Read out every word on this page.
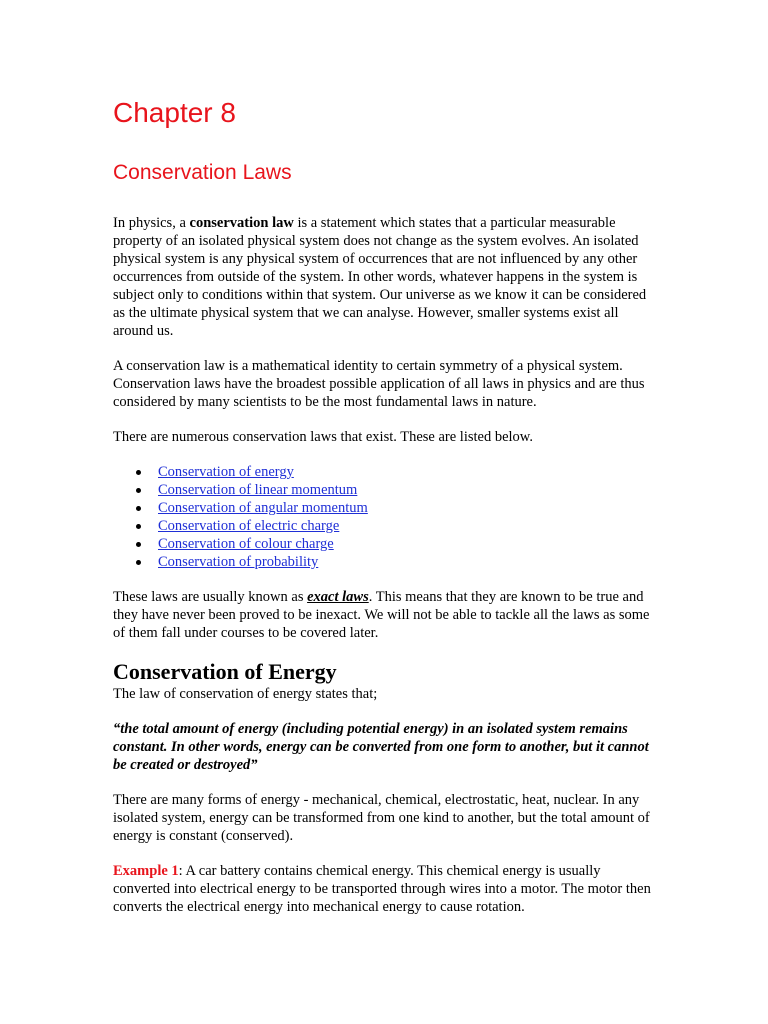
Chapter 8
Conservation Laws

In physics, a conservation law is a statement which states that a particular measurable property of an isolated physical system does not change as the system evolves. An isolated physical system is any physical system of occurrences that are not influenced by any other occurrences from outside of the system. In other words, whatever happens in the system is subject only to conditions within that system. Our universe as we know it can be considered as the ultimate physical system that we can analyse. However, smaller systems exist all around us.

A conservation law is a mathematical identity to certain symmetry of a physical system. Conservation laws have the broadest possible application of all laws in physics and are thus considered by many scientists to be the most fundamental laws in nature.

There are numerous conservation laws that exist. These are listed below.

Conservation of energy
Conservation of linear momentum
Conservation of angular momentum
Conservation of electric charge
Conservation of colour charge
Conservation of probability

These laws are usually known as exact laws. This means that they are known to be true and they have never been proved to be inexact. We will not be able to tackle all the laws as some of them fall under courses to be covered later.

Conservation of Energy

The law of conservation of energy states that;

“the total amount of energy (including potential energy) in an isolated system remains constant. In other words, energy can be converted from one form to another, but it cannot be created or destroyed”

There are many forms of energy - mechanical, chemical, electrostatic, heat, nuclear. In any isolated system, energy can be transformed from one kind to another, but the total amount of energy is constant (conserved).

Example 1: A car battery contains chemical energy. This chemical energy is usually converted into electrical energy to be transported through wires into a motor. The motor then converts the electrical energy into mechanical energy to cause rotation.
